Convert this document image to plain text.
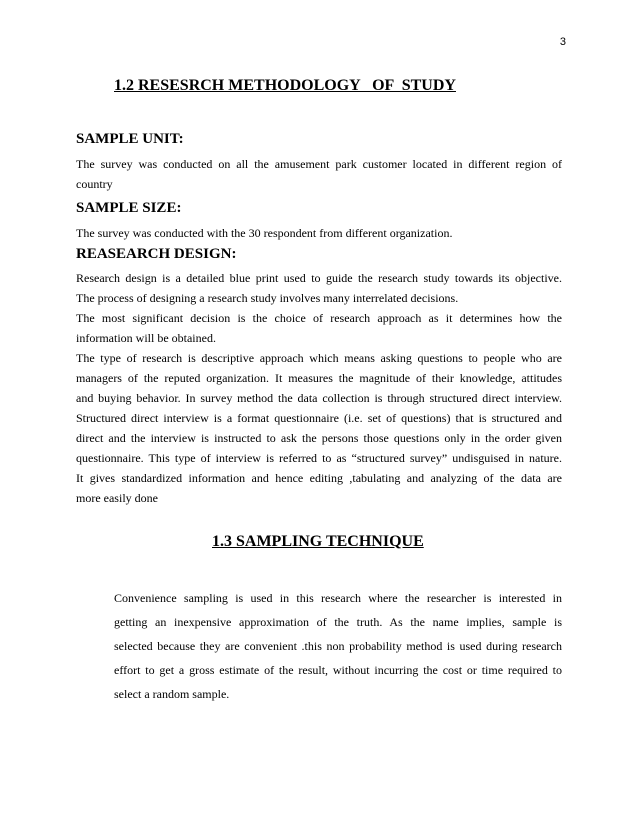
3
1.2 RESESRCH METHODOLOGY   OF  STUDY
SAMPLE UNIT:
The survey was conducted on all the amusement park customer located in different region of
country
SAMPLE SIZE:
The survey was conducted with the 30 respondent from different organization.
REASEARCH DESIGN:
Research design is a detailed blue print used to guide the research study towards its objective.
The process of designing a research study involves many interrelated decisions.
The most significant decision is the choice of research approach as it determines how the
information will be obtained.
The type of research is descriptive approach which means asking questions to people who are
managers of the reputed organization. It measures the magnitude of their knowledge, attitudes
and buying behavior. In survey method the data collection is through structured direct interview.
Structured direct interview is a format questionnaire (i.e. set of questions) that is structured and
direct and the interview is instructed to ask the persons those questions only in the order given
questionnaire. This type of interview is referred to as “structured survey” undisguised in nature.
It gives standardized information and hence editing ,tabulating and analyzing of the data are
more easily done
1.3 SAMPLING TECHNIQUE
Convenience sampling is used in this research where the researcher is interested in
getting an inexpensive approximation of the truth. As the name implies, sample is
selected because they are convenient .this non probability method is used during research
effort to get a gross estimate of the result, without incurring the cost or time required to
select a random sample.
